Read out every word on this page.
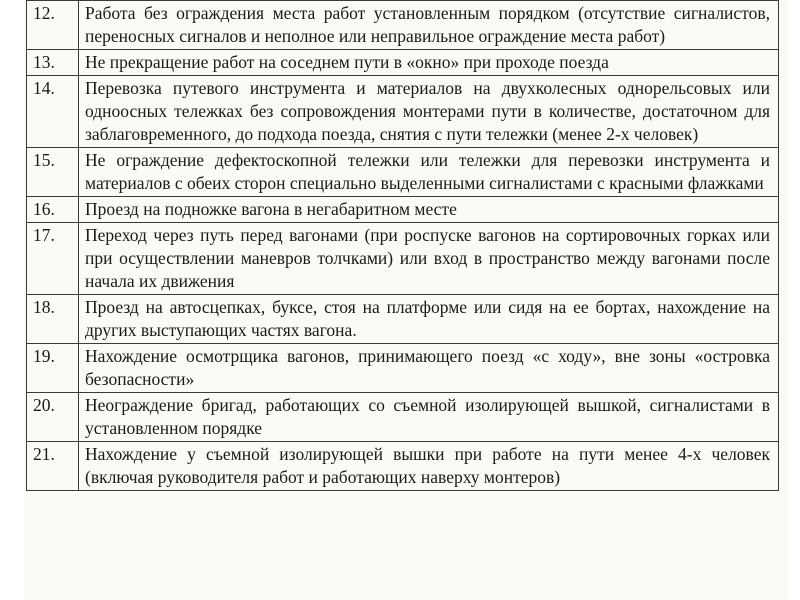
12.	Работа без ограждения места работ установленным порядком (отсутствие сигналистов, переносных сигналов и неполное или неправильное ограждение места работ)
13.	Не прекращение работ на соседнем пути в «окно» при проходе поезда
14.	Перевозка путевого инструмента и материалов на двухколесных однорельсовых или одноосных тележках без сопровождения монтерами пути в количестве, достаточном для заблаговременного, до подхода поезда, снятия с пути тележки (менее 2-х человек)
15.	Не ограждение дефектоскопной тележки или тележки для перевозки инструмента и материалов с обеих сторон специально выделенными сигналистами с красными флажками
16.	Проезд на подножке вагона в негабаритном месте
17.	Переход через путь перед вагонами (при роспуске вагонов на сортировочных горках или при осуществлении маневров толчками) или вход в пространство между вагонами после начала их движения
18.	Проезд на автосцепках, буксе, стоя на платформе или сидя на ее бортах, нахождение на других выступающих частях вагона.
19.	Нахождение осмотрщика вагонов, принимающего поезд «с ходу», вне зоны «островка безопасности»
20.	Неограждение бригад, работающих со съемной изолирующей вышкой, сигналистами в установленном порядке
21.	Нахождение у съемной изолирующей вышки при работе на пути менее 4-х человек (включая руководителя работ и работающих наверху монтеров)
